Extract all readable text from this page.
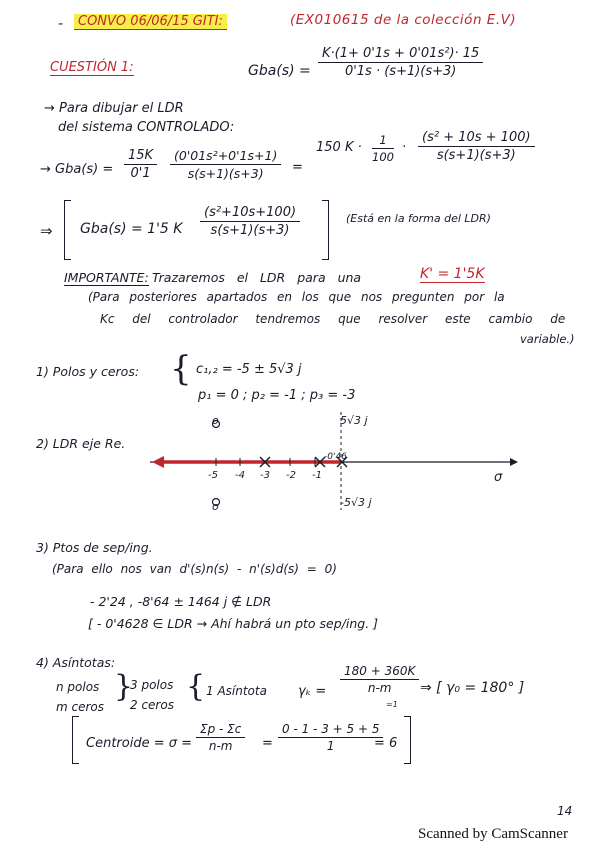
-	CONVO 06/06/15 GITI:	(EX010615 de la colección E.V)
CUESTIÓN 1:	$Gba(s) = \frac{\text{K·(1+ 0'1s + 0'01s²)· 15}}{0'1s \cdot (s+1)(s+3)}$
→ Para dibujar el LDR
del sistema CONTROLADO:
→ $Gba(s) = \frac{15K}{0'1} \frac{\text{(0'01s²+0'1s+1)}}{s(s+1)(s+3)}$ =
150 $K \cdot \frac{1}{100} \cdot \frac{\text{(s² + 10s + 100)}}{s(s+1)(s+3)}$
⇒ Gba(s) = 1'5 K $\frac{\text{(s²+10s+100)}}{s(s+1)(s+3)}$	(Está en la forma del LDR)
IMPORTANTE: Trazaremos el LDR para una	K' = 1'5K
(Para posteriores apartados en los que nos pregunten por la
Kc del controlador tendremos que resolver este cambio de
variable.)
1) Polos y ceros: { c₁,₂ = -5 ± 5√3 j
p₁ = 0 ; p₂ = -1 ; p₃ = -3
2) LDR eje Re.
5√3 j
-5√3 j
σ
o
o
-5 -4 -3 -2 -1
-0'46
3) Ptos de sep/ing.
(Para ello nos van d'(s)n(s) - n'(s)d(s) = 0)
- 2'24 , -8'64 ± 1464 j ∉ LDR
[ - 0'4628 ∈ LDR → Ahí habrá un pto sep/ing. ]
4) Asíntotas:
n polos
m ceros
}
3 polos
2 ceros
{ 1 Asíntota $\gamma_k = \frac{180 + 360K}{n-m}$
=1
⇒ [ γ₀ = 180° ]
Centroide = $\sigma = \frac{\Sigma p - \Sigma c}{n-m} = \frac{0 - 1 - 3 + 5 + 5}{1}$
= 6
14
Scanned by CamScanner
